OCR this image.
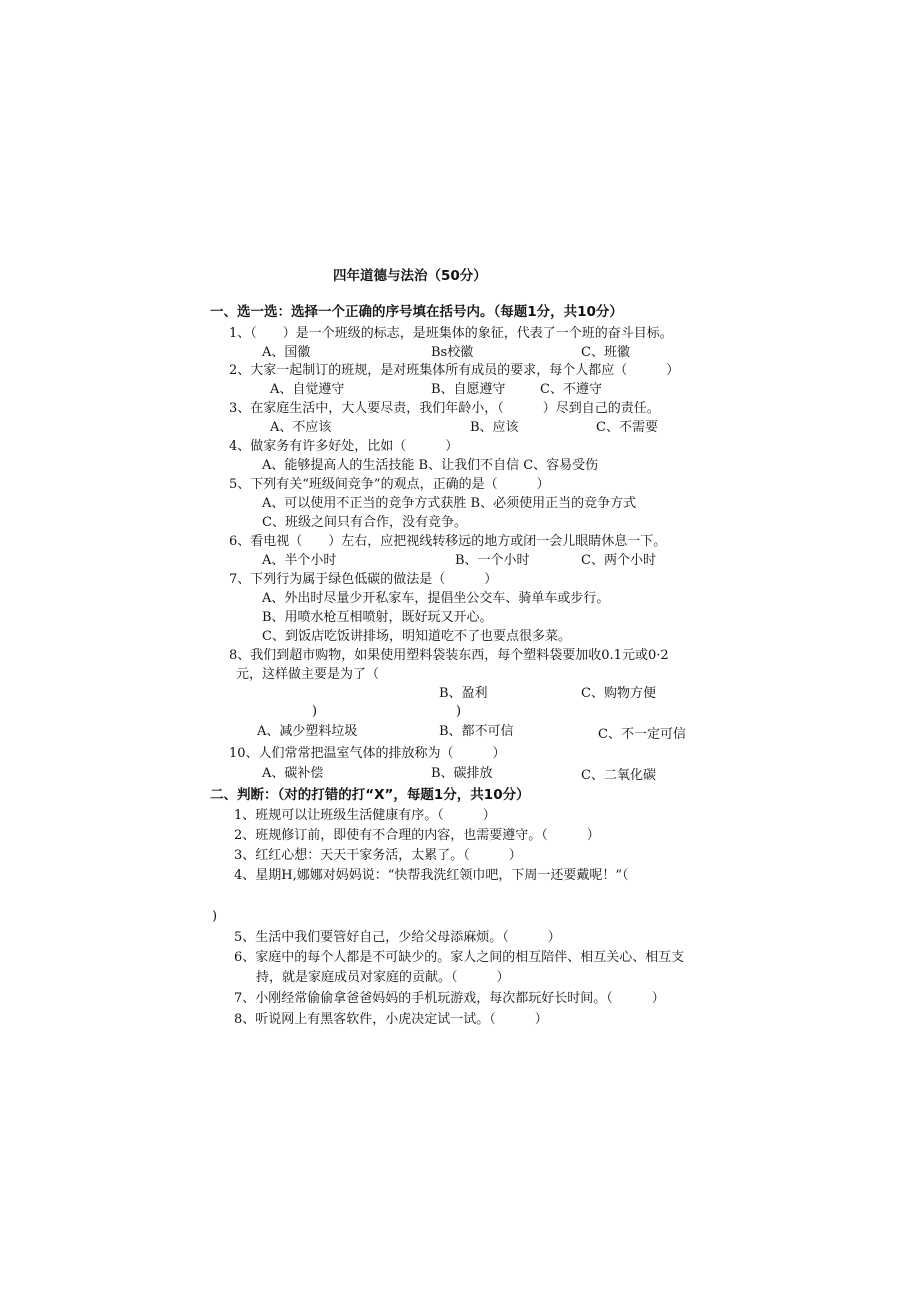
四年道德与法治（50分）
一、选一选：选择一个正确的序号填在括号内。（每题1分，共10分）
1、（　　）是一个班级的标志，是班集体的象征，代表了一个班的奋斗目标。
A、国徽	Bs校徽	C、班徽
2、大家一起制订的班规，是对班集体所有成员的要求，每个人都应（　　　）
A、自觉遵守	B、自愿遵守	C、不遵守
3、在家庭生活中，大人要尽责，我们年龄小，（　　　）尽到自己的责任。
A、不应该	B、应该	C、不需要
4、做家务有许多好处，比如（　　　）
A、能够提高人的生活技能 B、让我们不自信 C、容易受伤
5、下列有关“班级间竞争”的观点，正确的是（　　　）
A、可以使用不正当的竞争方式获胜 B、必须使用正当的竞争方式
C、班级之间只有合作，没有竞争。
6、看电视（　　）左右，应把视线转移远的地方或闭一会儿眼睛休息一下。
A、半个小时	B、一个小时	C、两个小时
7、下列行为属于绿色低碳的做法是（　　　）
A、外出时尽量少开私家车，提倡坐公交车、骑单车或步行。
B、用喷水枪互相喷射，既好玩又开心。
C、到饭店吃饭讲排场，明知道吃不了也要点很多菜。
8、我们到超市购物，如果使用塑料袋装东西，每个塑料袋要加收0.1元或0·2
元，这样做主要是为了（
B、盈利	C、购物方便
)	)
A、减少塑料垃圾	B、都不可信	C、不一定可信
10、人们常常把温室气体的排放称为（　　　）
A、碳补偿	B、碳排放	C、二氧化碳
二、判断：（对的打错的打“X”，每题1分，共10分）
1、班规可以让班级生活健康有序。（　　　）
2、班规修订前，即使有不合理的内容，也需要遵守。（　　　）
3、红红心想：天天干家务活，太累了。（　　　）
4、星期H,娜娜对妈妈说：“快帮我洗红领巾吧，下周一还要戴呢！”（
)
5、生活中我们要管好自己，少给父母添麻烦。（　　　）
6、家庭中的每个人都是不可缺少的。家人之间的相互陪伴、相互关心、相互支
持，就是家庭成员对家庭的贡献。（　　　）
7、小刚经常偷偷拿爸爸妈妈的手机玩游戏，每次都玩好长时间。（　　　）
8、听说网上有黑客软件，小虎决定试一试。（　　　）
